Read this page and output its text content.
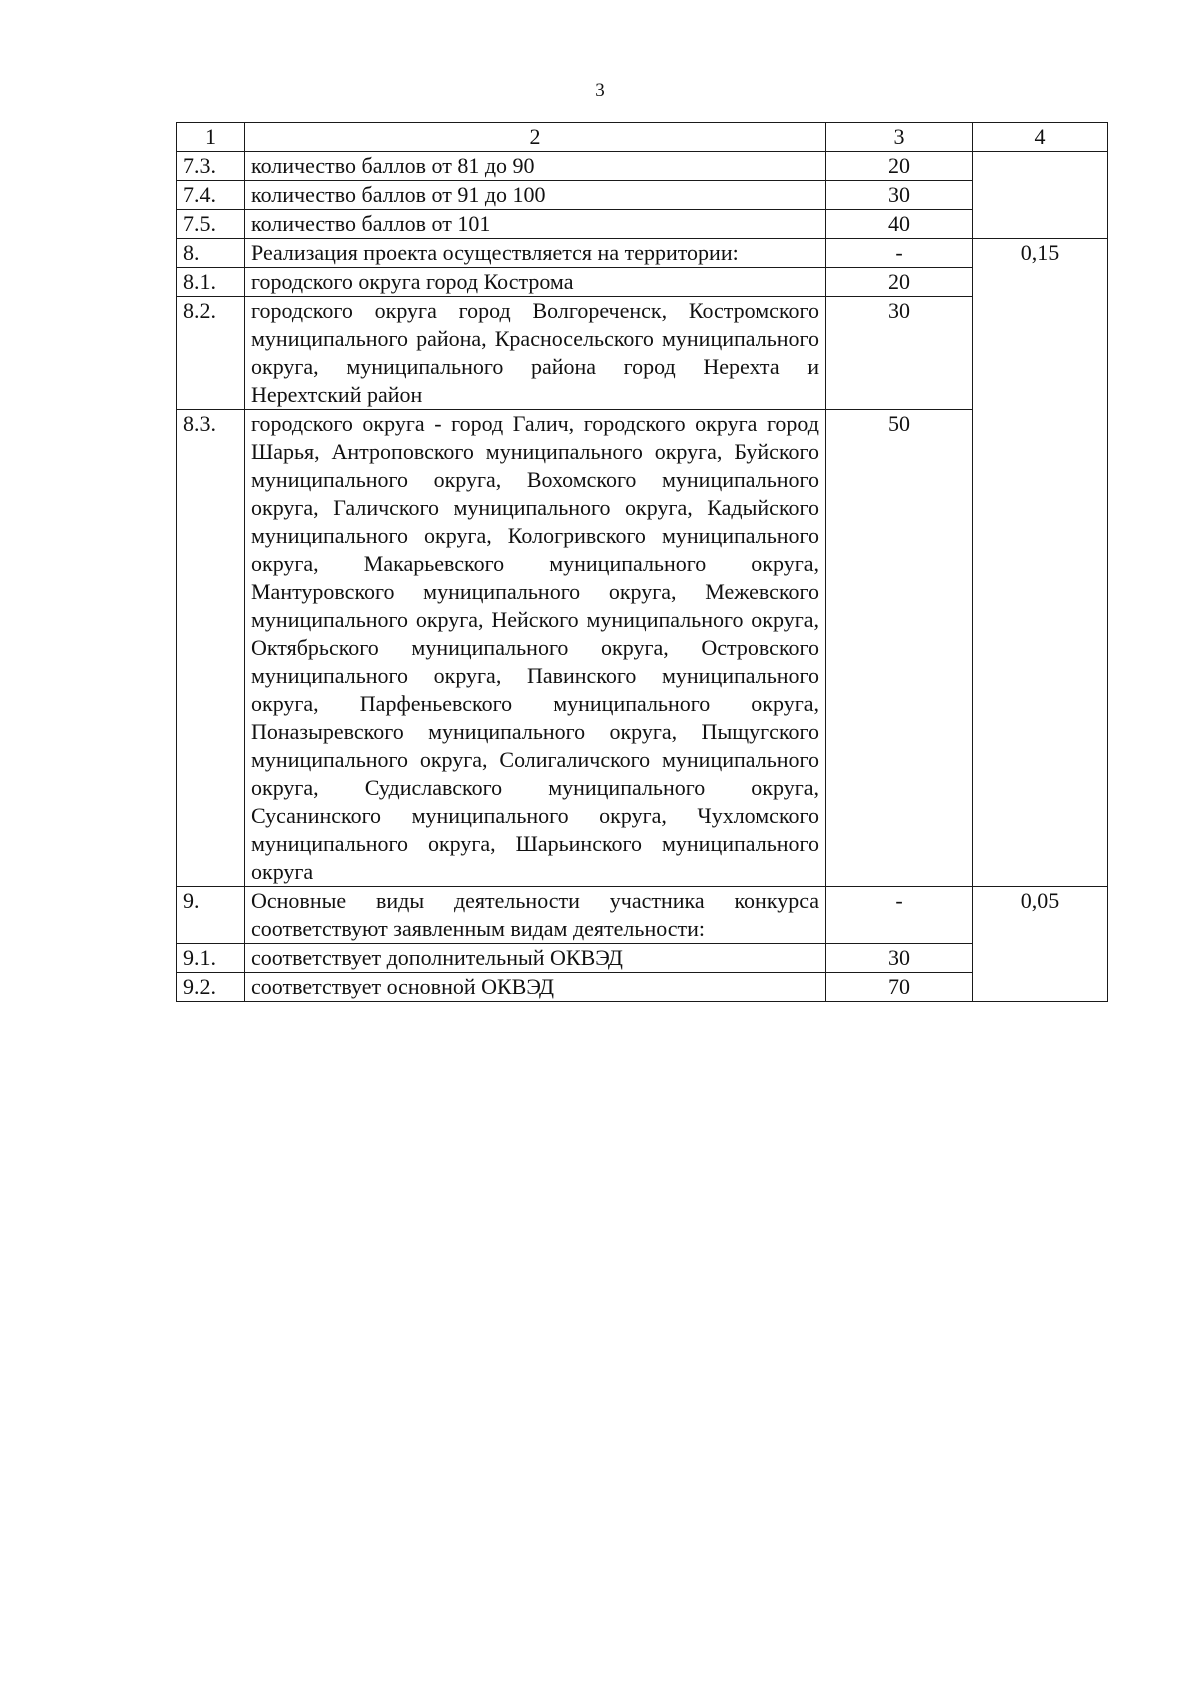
3
1	2	3	4
7.3.	количество баллов от 81 до 90	20	
7.4.	количество баллов от 91 до 100	30	
7.5.	количество баллов от 101	40	
8.	Реализация проекта осуществляется на территории:	-	0,15
8.1.	городского округа город Кострома	20	
8.2.	городского округа город Волгореченск, Костромского муниципального района, Красносельского муниципального округа, муниципального района город Нерехта и Нерехтский район	30	
8.3.	городского округа - город Галич, городского округа город Шарья, Антроповского муниципального округа, Буйского муниципального округа, Вохомского муниципального округа, Галичского муниципального округа, Кадыйского муниципального округа, Кологривского муниципального округа, Макарьевского муниципального округа, Мантуровского муниципального округа, Межевского муниципального округа, Нейского муниципального округа, Октябрьского муниципального округа, Островского муниципального округа, Павинского муниципального округа, Парфеньевского муниципального округа, Поназыревского муниципального округа, Пыщугского муниципального округа, Солигаличского муниципального округа, Судиславского муниципального округа, Сусанинского муниципального округа, Чухломского муниципального округа, Шарьинского муниципального округа	50	
9.	Основные виды деятельности участника конкурса соответствуют заявленным видам деятельности:	-	0,05
9.1.	соответствует дополнительный ОКВЭД	30	
9.2.	соответствует основной ОКВЭД	70	
